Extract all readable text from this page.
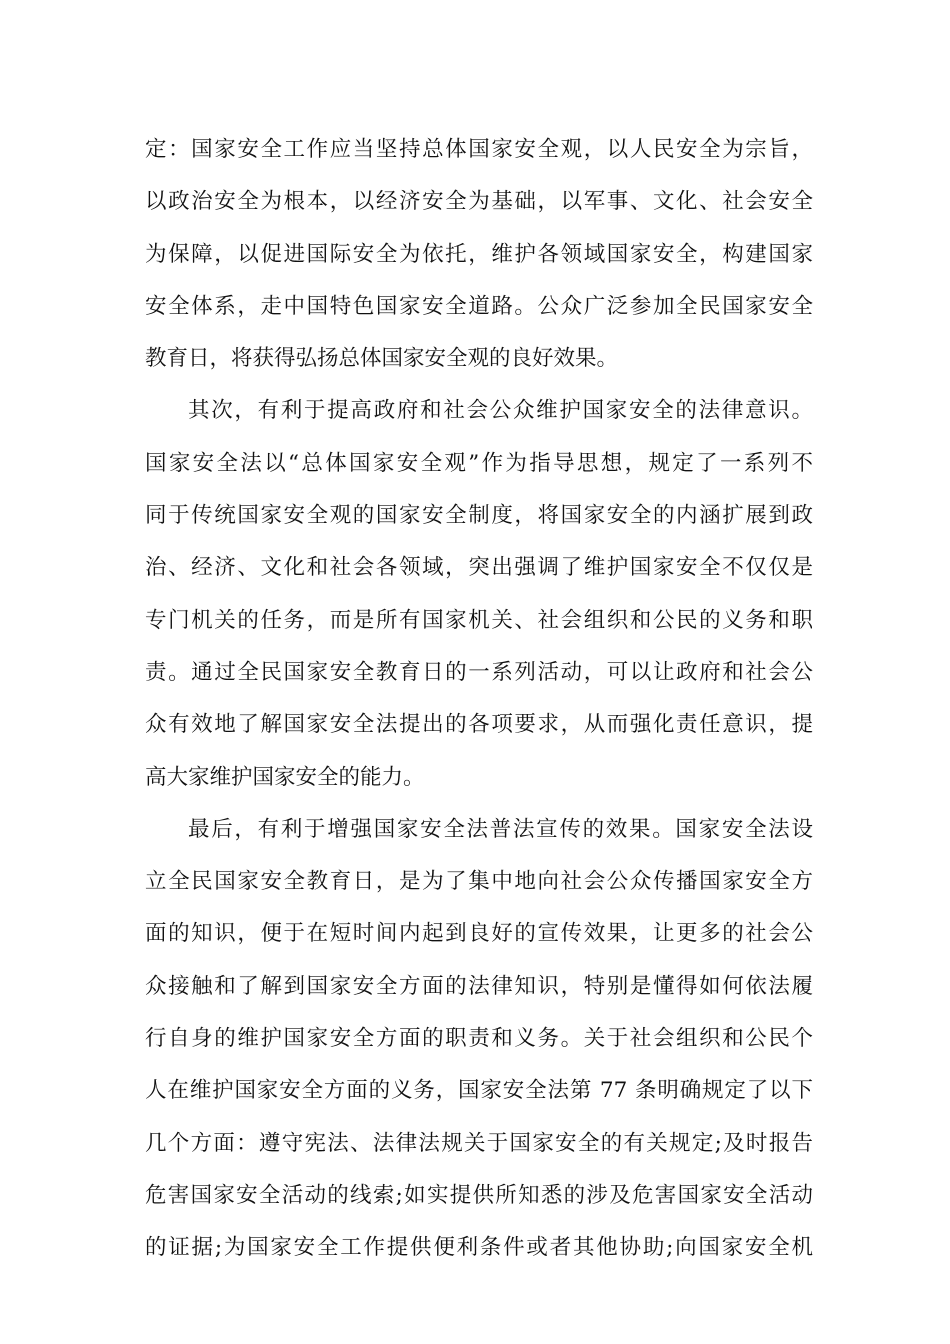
定：国家安全工作应当坚持总体国家安全观，以人民安全为宗旨，
以政治安全为根本，以经济安全为基础，以军事、文化、社会安全
为保障，以促进国际安全为依托，维护各领域国家安全，构建国家
安全体系，走中国特色国家安全道路。公众广泛参加全民国家安全
教育日，将获得弘扬总体国家安全观的良好效果。
其次，有利于提高政府和社会公众维护国家安全的法律意识。
国家安全法以“总体国家安全观”作为指导思想，规定了一系列不
同于传统国家安全观的国家安全制度，将国家安全的内涵扩展到政
治、经济、文化和社会各领域，突出强调了维护国家安全不仅仅是
专门机关的任务，而是所有国家机关、社会组织和公民的义务和职
责。通过全民国家安全教育日的一系列活动，可以让政府和社会公
众有效地了解国家安全法提出的各项要求，从而强化责任意识，提
高大家维护国家安全的能力。
最后，有利于增强国家安全法普法宣传的效果。国家安全法设
立全民国家安全教育日，是为了集中地向社会公众传播国家安全方
面的知识，便于在短时间内起到良好的宣传效果，让更多的社会公
众接触和了解到国家安全方面的法律知识，特别是懂得如何依法履
行自身的维护国家安全方面的职责和义务。关于社会组织和公民个
人在维护国家安全方面的义务，国家安全法第 77 条明确规定了以下
几个方面：遵守宪法、法律法规关于国家安全的有关规定;及时报告
危害国家安全活动的线索;如实提供所知悉的涉及危害国家安全活动
的证据;为国家安全工作提供便利条件或者其他协助;向国家安全机
